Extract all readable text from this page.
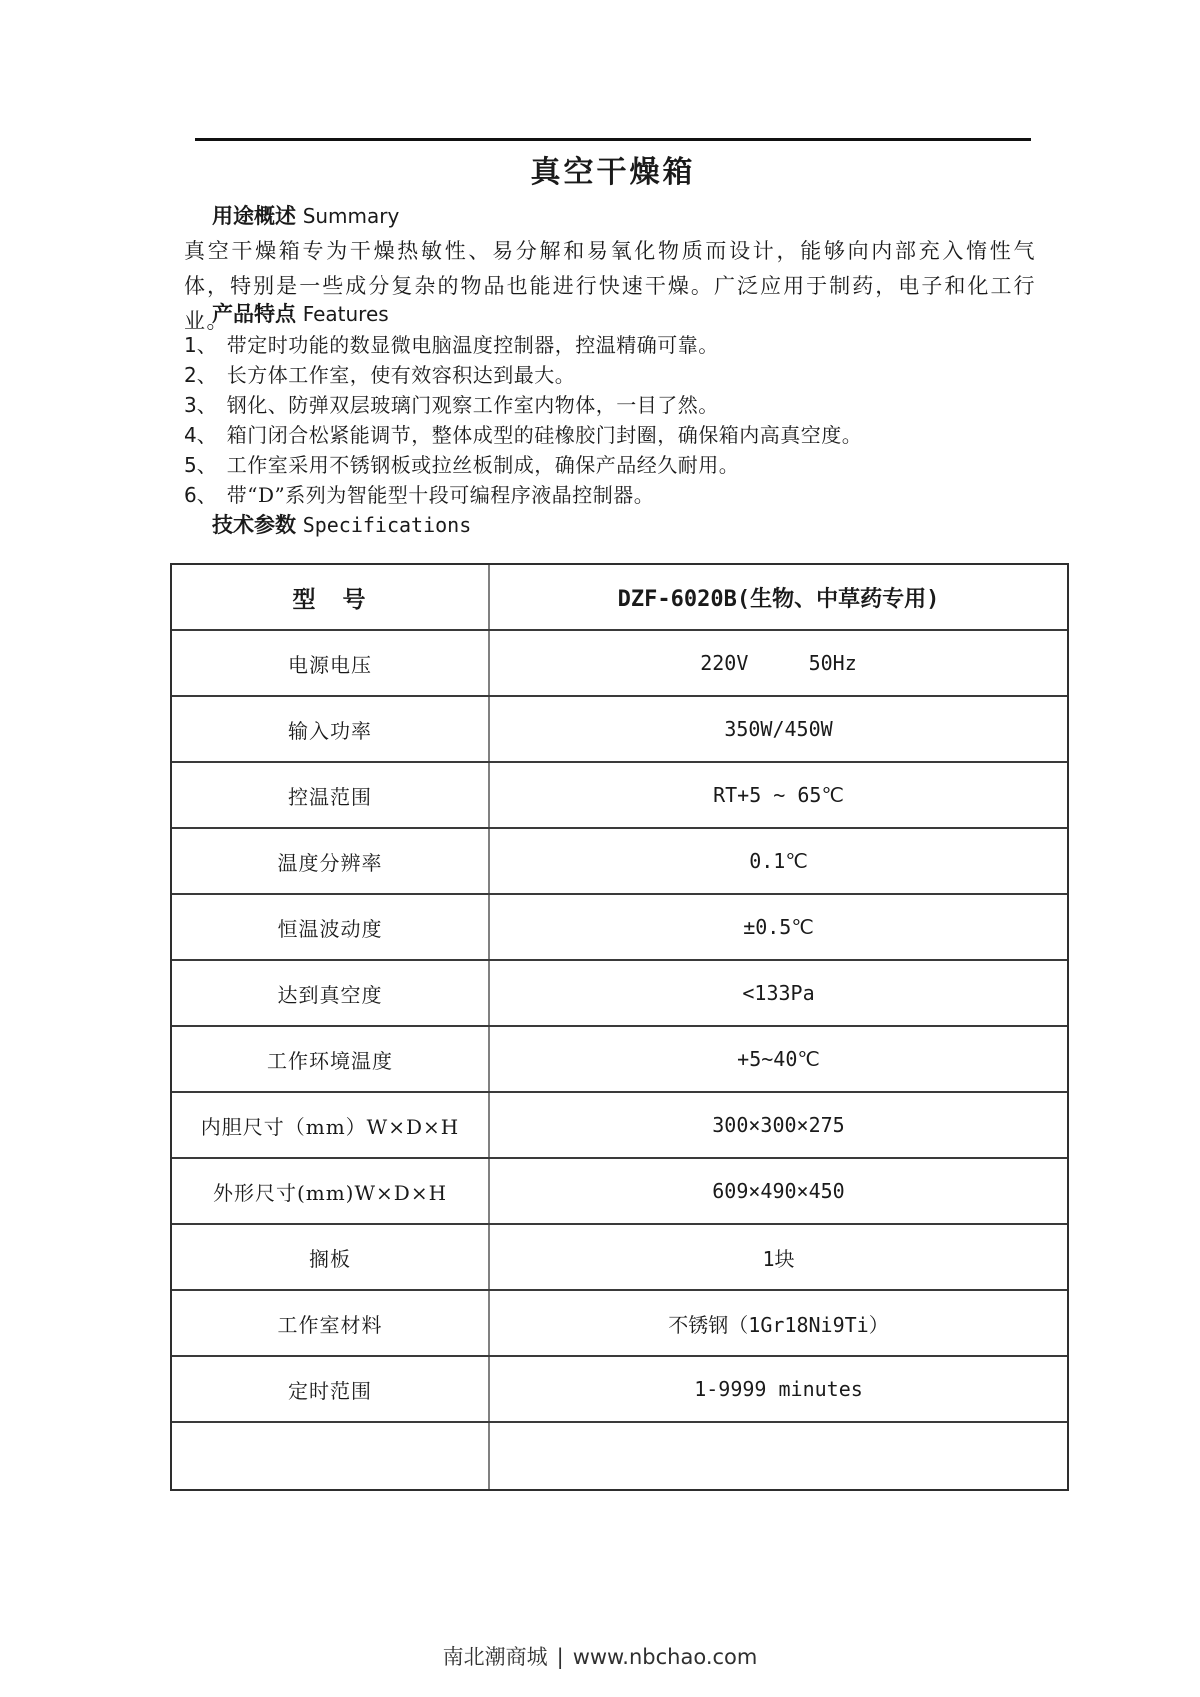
真空干燥箱
用途概述 Summary

真空干燥箱专为干燥热敏性、易分解和易氧化物质而设计，能够向内部充入惰性气体，特别是一些成分复杂的物品也能进行快速干燥。广泛应用于制药，电子和化工行业。

产品特点 Features
1、 带定时功能的数显微电脑温度控制器，控温精确可靠。
2、 长方体工作室，使有效容积达到最大。
3、 钢化、防弹双层玻璃门观察工作室内物体，一目了然。
4、 箱门闭合松紧能调节，整体成型的硅橡胶门封圈，确保箱内高真空度。
5、 工作室采用不锈钢板或拉丝板制成，确保产品经久耐用。
6、 带“D”系列为智能型十段可编程序液晶控制器。
技术参数 Specifications
型　号	DZF-6020B(生物、中草药专用)
电源电压	220V     50Hz
输入功率	350W/450W
控温范围	RT+5 ~ 65℃
温度分辨率	0.1℃
恒温波动度	±0.5℃
达到真空度	<133Pa
工作环境温度	+5~40℃
内胆尺寸（mm）W×D×H	300×300×275
外形尺寸(mm)W×D×H	609×490×450
搁板	1块
工作室材料	不锈钢（1Gr18Ni9Ti）
定时范围	1-9999 minutes
南北潮商城 | www.nbchao.com
